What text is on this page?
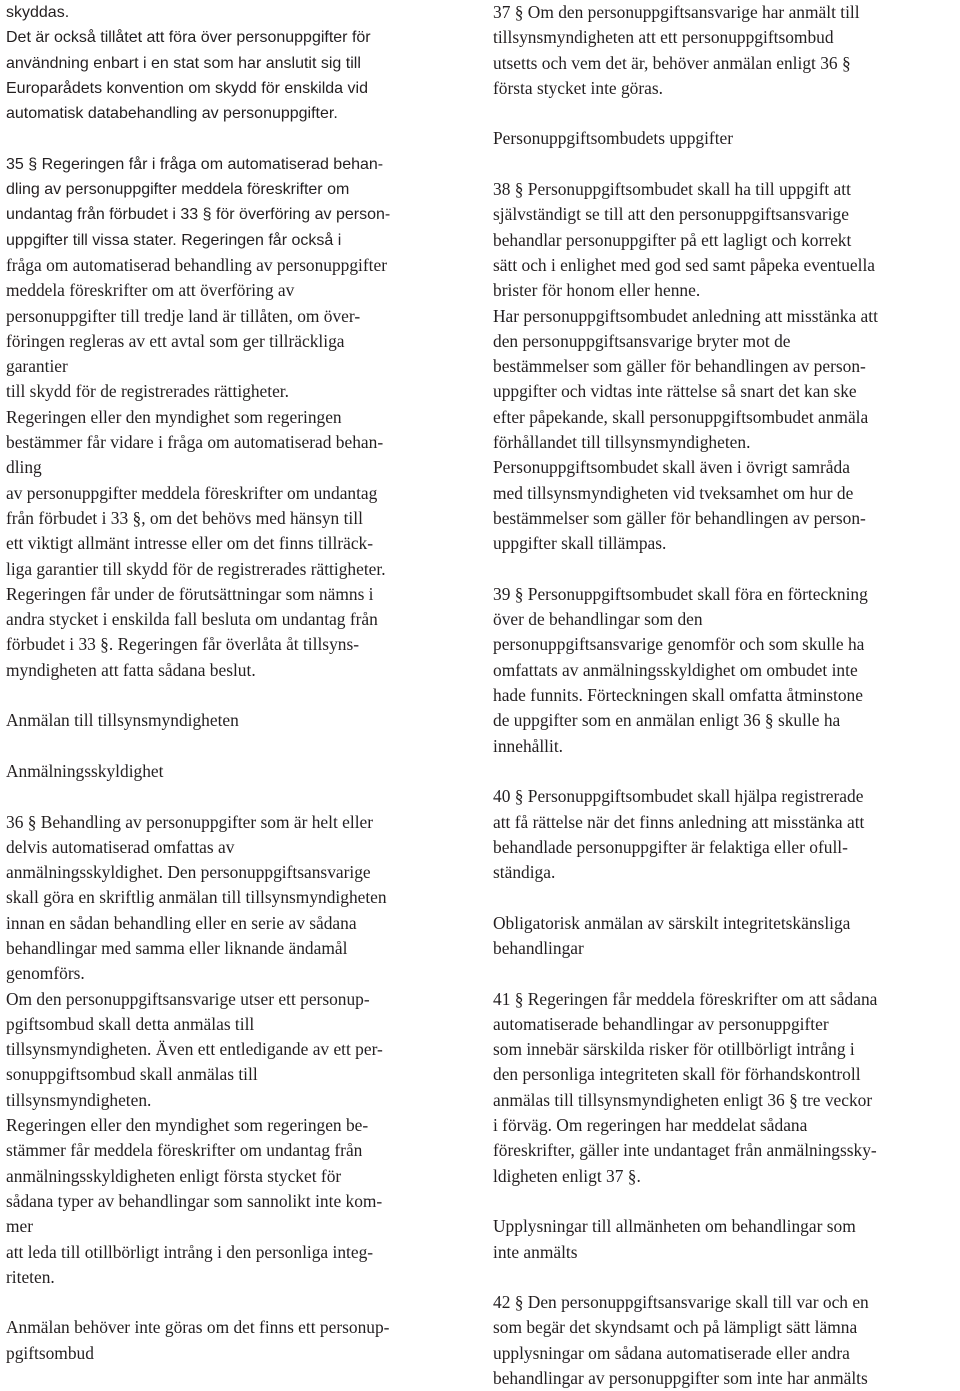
skyddas.
Det är också tillåtet att föra över personuppgifter för
användning enbart i en stat som har anslutit sig till
Europarådets konvention om skydd för enskilda vid
automatisk databehandling av personuppgifter.
35 § Regeringen får i fråga om automatiserad behan-
dling av personuppgifter meddela föreskrifter om
undantag från förbudet i 33 § för överföring av person-
uppgifter till vissa stater. Regeringen får också i
fråga om automatiserad behandling av personuppgifter
meddela föreskrifter om att överföring av
personuppgifter till tredje land är tillåten, om över-
föringen regleras av ett avtal som ger tillräckliga
garantier
till skydd för de registrerades rättigheter.
Regeringen eller den myndighet som regeringen
bestämmer får vidare i fråga om automatiserad behan-
dling
av personuppgifter meddela föreskrifter om undantag
från förbudet i 33 §, om det behövs med hänsyn till
ett viktigt allmänt intresse eller om det finns tillräck-
liga garantier till skydd för de registrerades rättigheter.
Regeringen får under de förutsättningar som nämns i
andra stycket i enskilda fall besluta om undantag från
förbudet i 33 §. Regeringen får överlåta åt tillsyns-
myndigheten att fatta sådana beslut.
Anmälan till tillsynsmyndigheten
Anmälningsskyldighet
36 § Behandling av personuppgifter som är helt eller
delvis automatiserad omfattas av
anmälningsskyldighet. Den personuppgiftsansvarige
skall göra en skriftlig anmälan till tillsynsmyndigheten
innan en sådan behandling eller en serie av sådana
behandlingar med samma eller liknande ändamål
genomförs.
Om den personuppgiftsansvarige utser ett personup-
pgiftsombud skall detta anmälas till
tillsynsmyndigheten. Även ett entledigande av ett per-
sonuppgiftsombud skall anmälas till
tillsynsmyndigheten.
Regeringen eller den myndighet som regeringen be-
stämmer får meddela föreskrifter om undantag från
anmälningsskyldigheten enligt första stycket för
sådana typer av behandlingar som sannolikt inte kom-
mer
att leda till otillbörligt intrång i den personliga integ-
riteten.
Anmälan behöver inte göras om det finns ett personup-
pgiftsombud
37 § Om den personuppgiftsansvarige har anmält till
tillsynsmyndigheten att ett personuppgiftsombud
utsetts och vem det är, behöver anmälan enligt 36 §
första stycket inte göras.
Personuppgiftsombudets uppgifter
38 § Personuppgiftsombudet skall ha till uppgift att
självständigt se till att den personuppgiftsansvarige
behandlar personuppgifter på ett lagligt och korrekt
sätt och i enlighet med god sed samt påpeka eventuella
brister för honom eller henne.
Har personuppgiftsombudet anledning att misstänka att
den personuppgiftsansvarige bryter mot de
bestämmelser som gäller för behandlingen av person-
uppgifter och vidtas inte rättelse så snart det kan ske
efter påpekande, skall personuppgiftsombudet anmäla
förhållandet till tillsynsmyndigheten.
Personuppgiftsombudet skall även i övrigt samråda
med tillsynsmyndigheten vid tveksamhet om hur de
bestämmelser som gäller för behandlingen av person-
uppgifter skall tillämpas.
39 § Personuppgiftsombudet skall föra en förteckning
över de behandlingar som den
personuppgiftsansvarige genomför och som skulle ha
omfattats av anmälningsskyldighet om ombudet inte
hade funnits. Förteckningen skall omfatta åtminstone
de uppgifter som en anmälan enligt 36 § skulle ha
innehållit.
40 § Personuppgiftsombudet skall hjälpa registrerade
att få rättelse när det finns anledning att misstänka att
behandlade personuppgifter är felaktiga eller ofull-
ständiga.
Obligatorisk anmälan av särskilt integritetskänsliga
behandlingar
41 § Regeringen får meddela föreskrifter om att sådana
automatiserade behandlingar av personuppgifter
som innebär särskilda risker för otillbörligt intrång i
den personliga integriteten skall för förhandskontroll
anmälas till tillsynsmyndigheten enligt 36 § tre veckor
i förväg. Om regeringen har meddelat sådana
föreskrifter, gäller inte undantaget från anmälningssky-
ldigheten enligt 37 §.
Upplysningar till allmänheten om behandlingar som
inte anmälts
42 § Den personuppgiftsansvarige skall till var och en
som begär det skyndsamt och på lämpligt sätt lämna
upplysningar om sådana automatiserade eller andra
behandlingar av personuppgifter som inte har anmälts
